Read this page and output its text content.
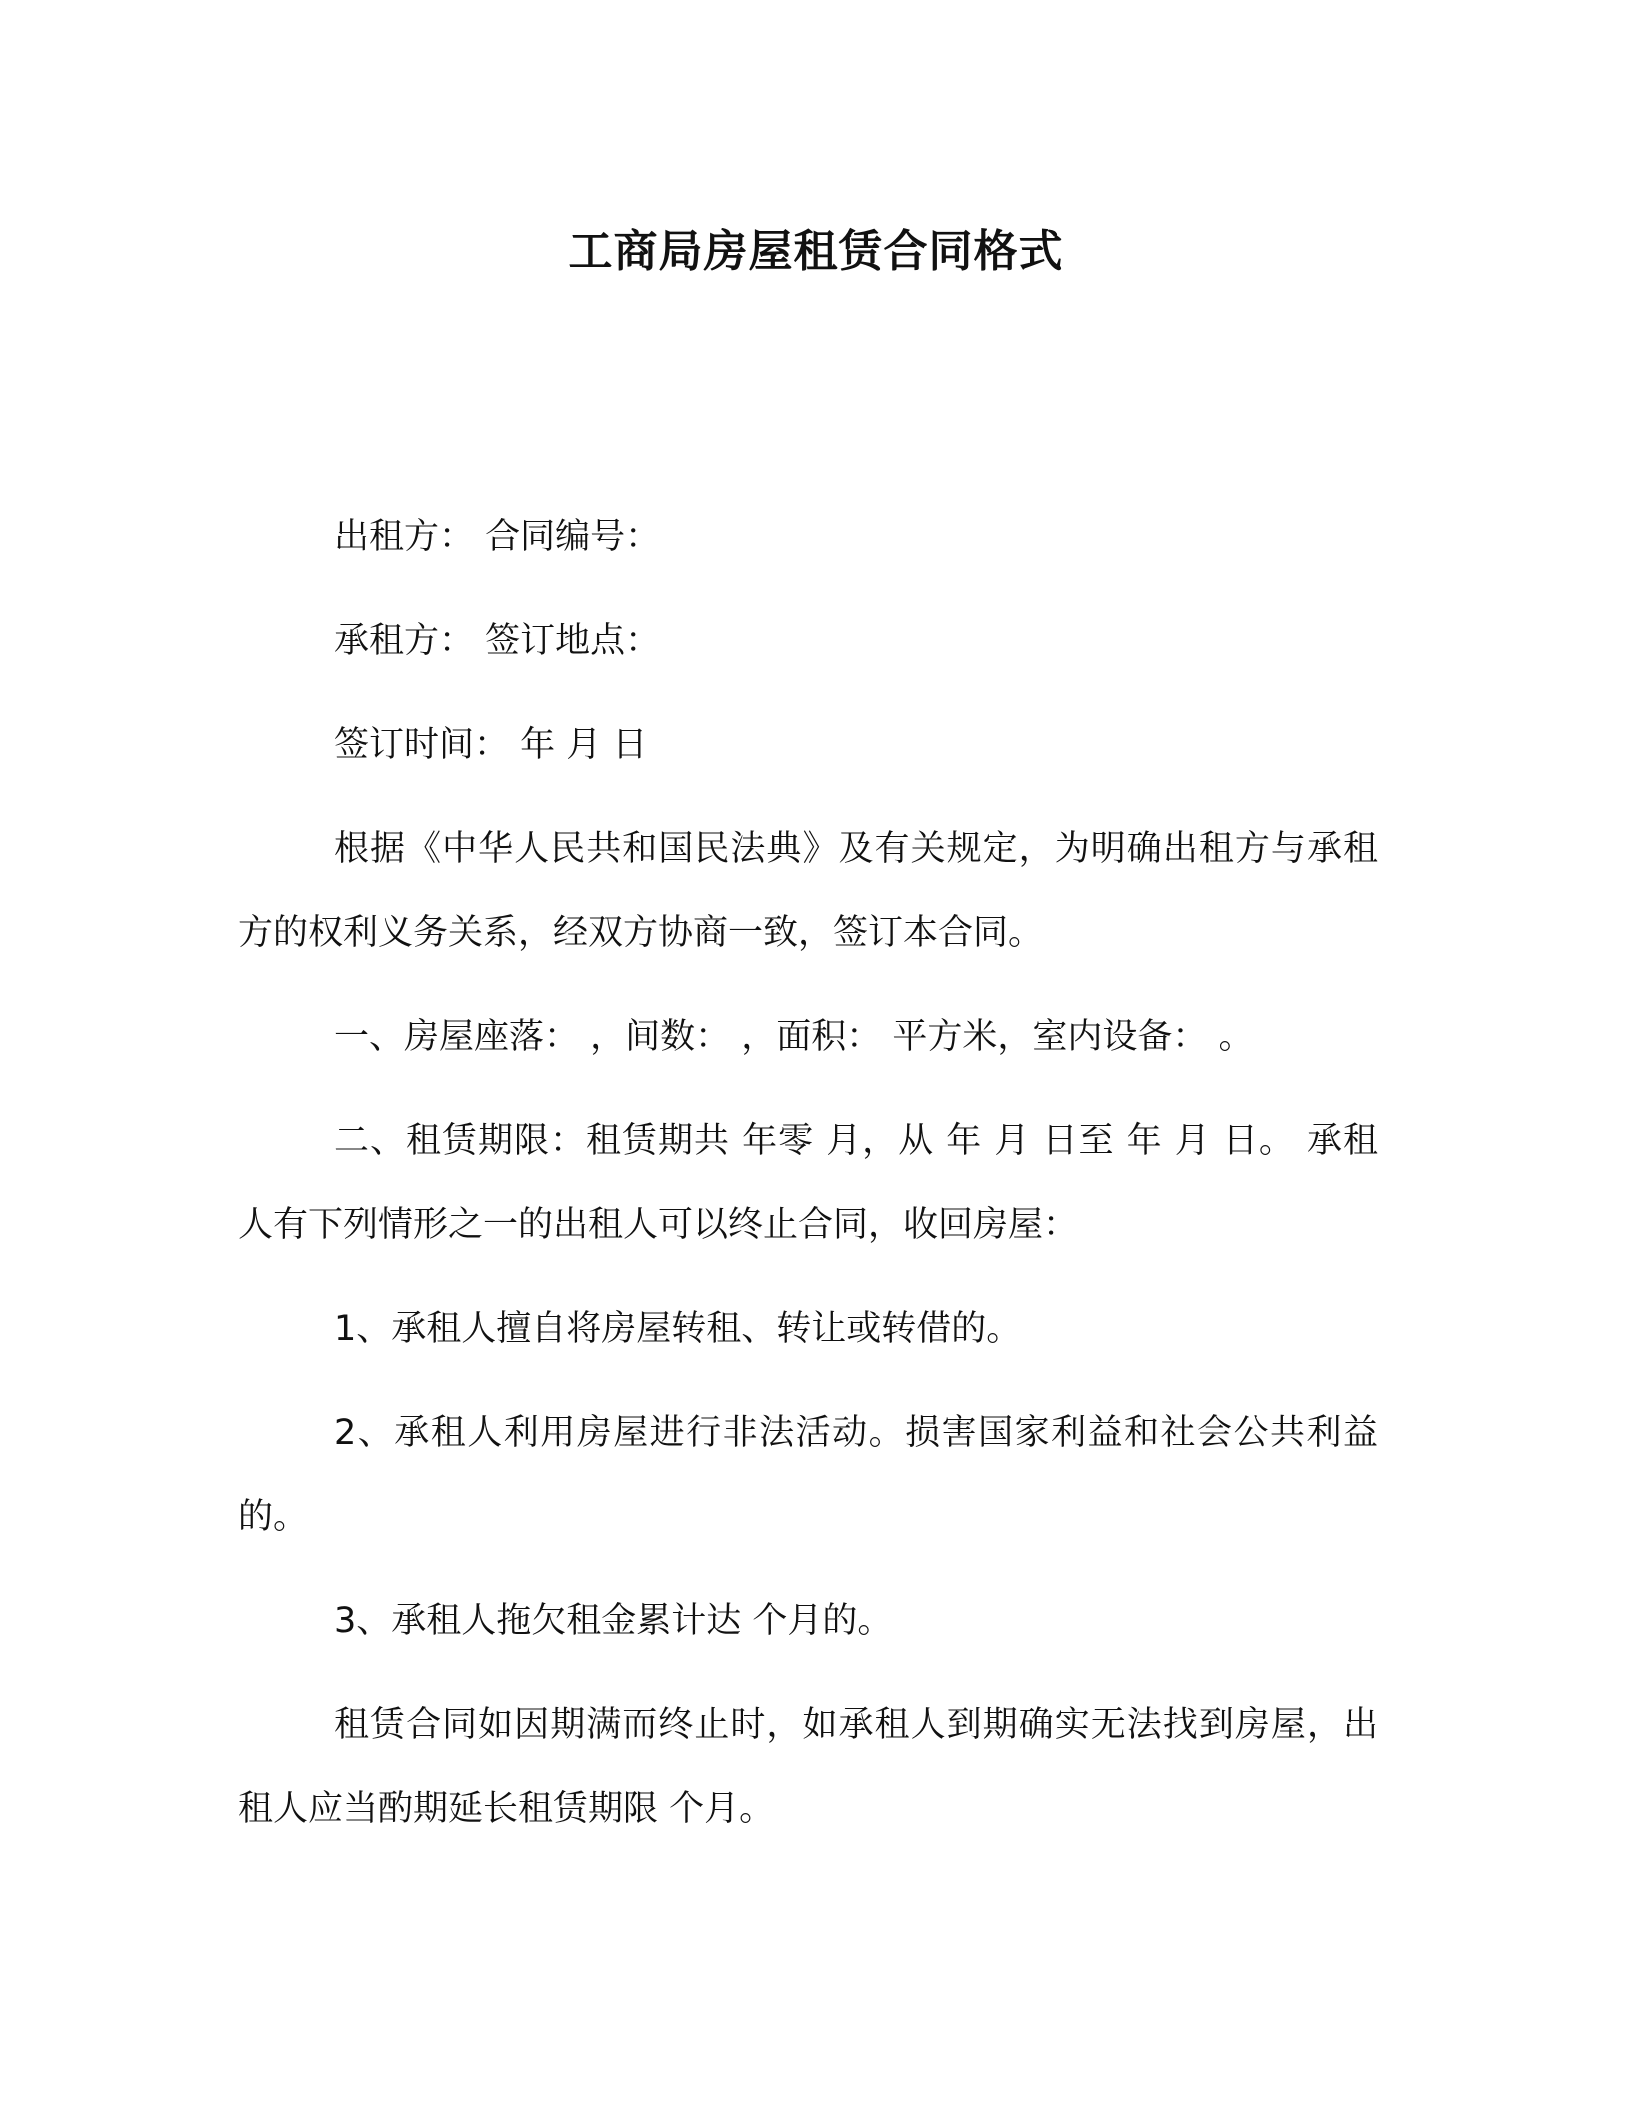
工商局房屋租赁合同格式

出租方： 合同编号：

承租方： 签订地点：

签订时间： 年 月 日

根据《中华人民共和国民法典》及有关规定，为明确出租方与承租方的权利义务关系，经双方协商一致，签订本合同。

一、房屋座落： ，间数： ，面积： 平方米，室内设备： 。

二、租赁期限：租赁期共 年零 月，从 年 月 日至 年 月 日。 承租人有下列情形之一的出租人可以终止合同，收回房屋：

1、承租人擅自将房屋转租、转让或转借的。

2、承租人利用房屋进行非法活动。损害国家利益和社会公共利益的。

3、承租人拖欠租金累计达 个月的。

租赁合同如因期满而终止时，如承租人到期确实无法找到房屋，出租人应当酌期延长租赁期限 个月。
